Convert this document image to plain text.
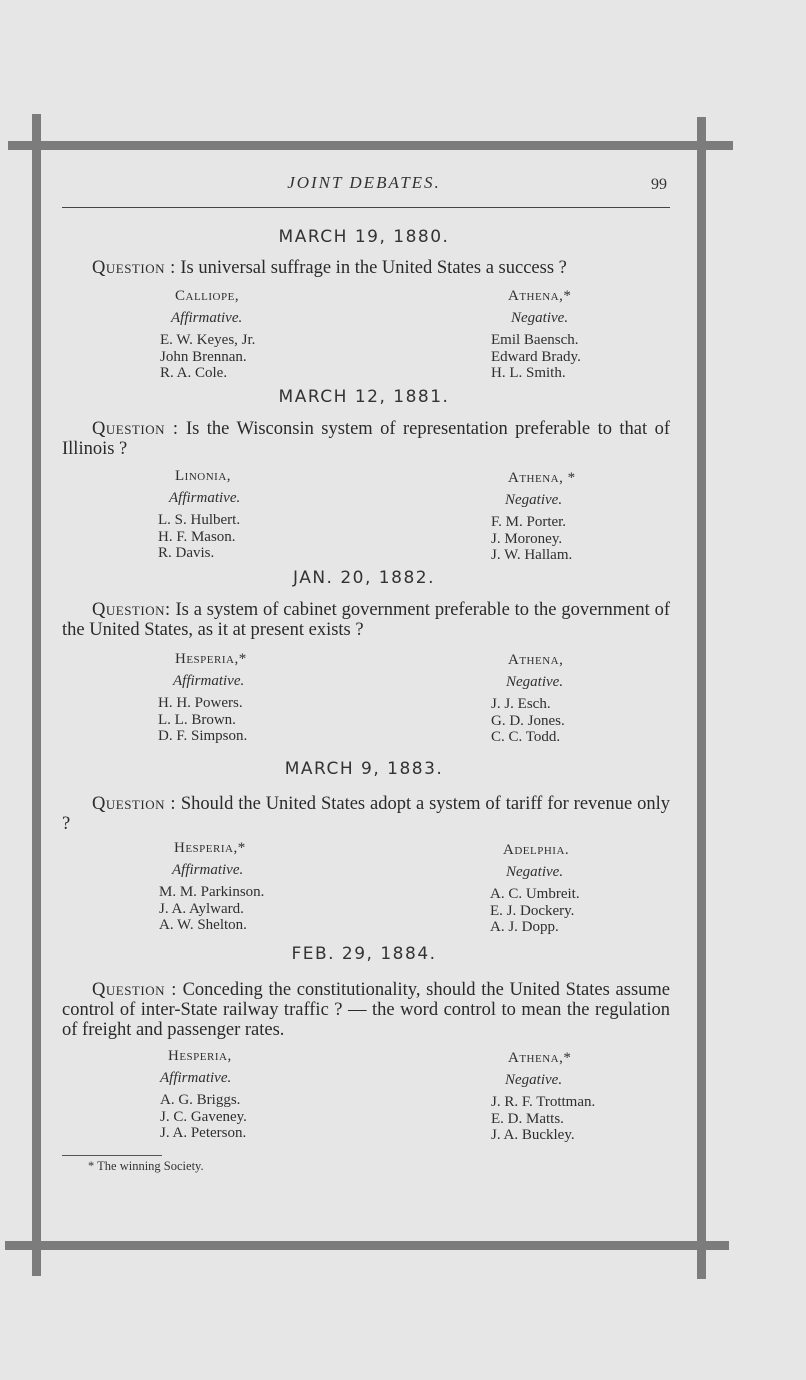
JOINT DEBATES.	99
MARCH 19, 1880.
Question : Is universal suffrage in the United States a success ?
Calliope,
Affirmative.
E. W. Keyes, Jr.
John Brennan.
R. A. Cole.
Athena,*
Negative.
Emil Baensch.
Edward Brady.
H. L. Smith.
MARCH 12, 1881.
Question : Is the Wisconsin system of representation preferable to that of Illinois ?
Linonia,
Affirmative.
L. S. Hulbert.
H. F. Mason.
R. Davis.
Athena, *
Negative.
F. M. Porter.
J. Moroney.
J. W. Hallam.
JAN. 20, 1882.
Question: Is a system of cabinet government preferable to the government of the United States, as it at present exists ?
Hesperia,*
Affirmative.
H. H. Powers.
L. L. Brown.
D. F. Simpson.
Athena,
Negative.
J. J. Esch.
G. D. Jones.
C. C. Todd.
MARCH 9, 1883.
Question : Should the United States adopt a system of tariff for revenue only ?
Hesperia,*
Affirmative.
M. M. Parkinson.
J. A. Aylward.
A. W. Shelton.
Adelphia.
Negative.
A. C. Umbreit.
E. J. Dockery.
A. J. Dopp.
FEB. 29, 1884.
Question : Conceding the constitutionality, should the United States assume control of inter-State railway traffic ? — the word control to mean the regulation of freight and passenger rates.
Hesperia,
Affirmative.
A. G. Briggs.
J. C. Gaveney.
J. A. Peterson.
Athena,*
Negative.
J. R. F. Trottman.
E. D. Matts.
J. A. Buckley.
* The winning Society.
